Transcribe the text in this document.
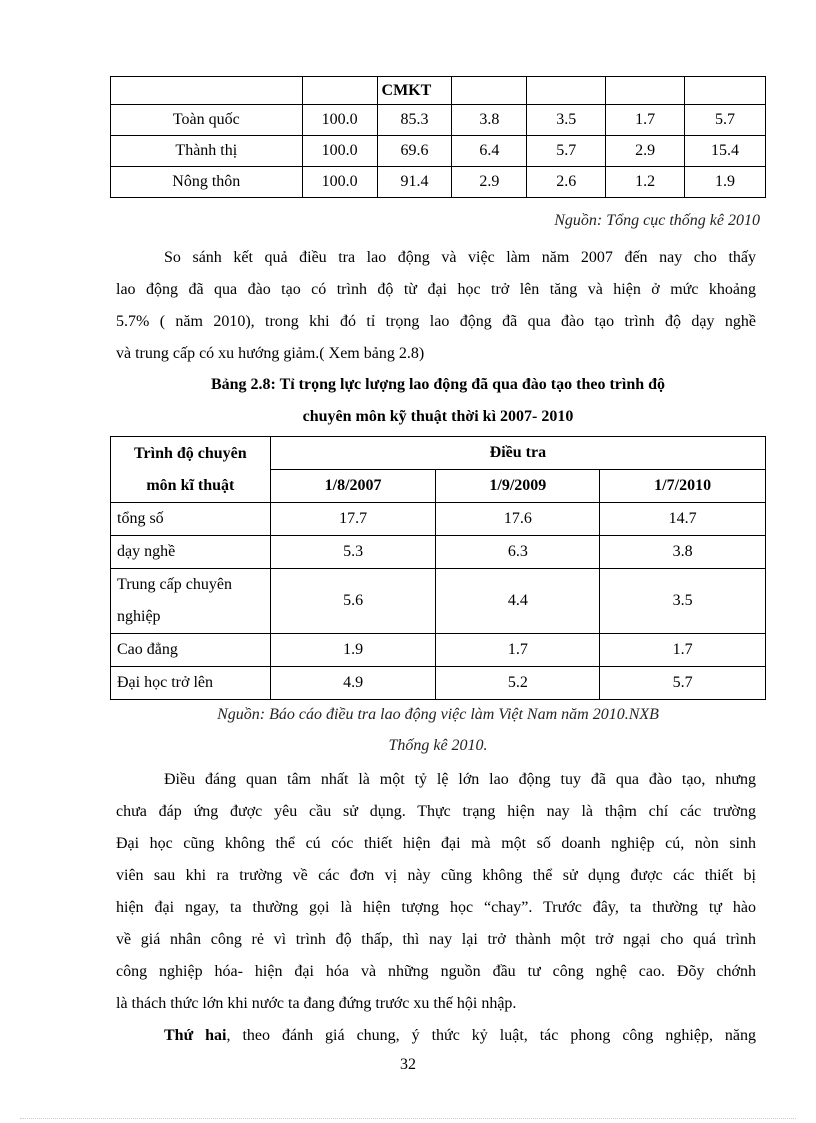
		CMKT				
Toàn quốc	100.0	85.3	3.8	3.5	1.7	5.7
Thành thị	100.0	69.6	6.4	5.7	2.9	15.4
Nông thôn	100.0	91.4	2.9	2.6	1.2	1.9
Nguồn: Tổng cục thống kê 2010
So sánh kết quả điều tra lao động và việc làm năm 2007 đến nay cho thấy
lao động đã qua đào tạo có trình độ từ đại học trở lên tăng và hiện ở mức khoảng
5.7% ( năm 2010), trong khi đó tỉ trọng lao động đã qua đào tạo trình độ dạy nghề
và trung cấp có xu hướng giảm.( Xem bảng 2.8)
Bảng 2.8: Tỉ trọng lực lượng lao động đã qua đào tạo theo trình độ
chuyên môn kỹ thuật thời kì 2007- 2010
Trình độ chuyên
môn kĩ thuật	Điều tra		
	1/8/2007	1/9/2009	1/7/2010
tổng số	17.7	17.6	14.7
dạy nghề	5.3	6.3	3.8

Trung cấp chuyên
nghiệp	5.6	4.4	3.5
Cao đẳng	1.9	1.7	1.7
Đại học trở lên	4.9	5.2	5.7
Nguồn: Báo cáo điều tra lao động việc làm Việt Nam năm 2010.NXB
Thống kê 2010.
Điều đáng quan tâm nhất là một tỷ lệ lớn lao động tuy đã qua đào tạo, nhưng
chưa đáp ứng được yêu cầu sử dụng. Thực trạng hiện nay là thậm chí các trường
Đại học cũng không thể cú cóc thiết hiện đại mà một số doanh nghiệp cú, nòn sinh
viên sau khi ra trường về các đơn vị này cũng không thể sử dụng được các thiết bị
hiện đại ngay, ta thường gọi là hiện tượng học “chay”. Trước đây, ta thường tự hào
về giá nhân công rẻ vì trình độ thấp, thì nay lại trở thành một trở ngại cho quá trình
công nghiệp hóa- hiện đại hóa và những nguồn đầu tư công nghệ cao. Đõy chớnh
là thách thức lớn khi nước ta đang đứng trước xu thế hội nhập.
Thứ hai, theo đánh giá chung, ý thức kỷ luật, tác phong công nghiệp, năng
32
